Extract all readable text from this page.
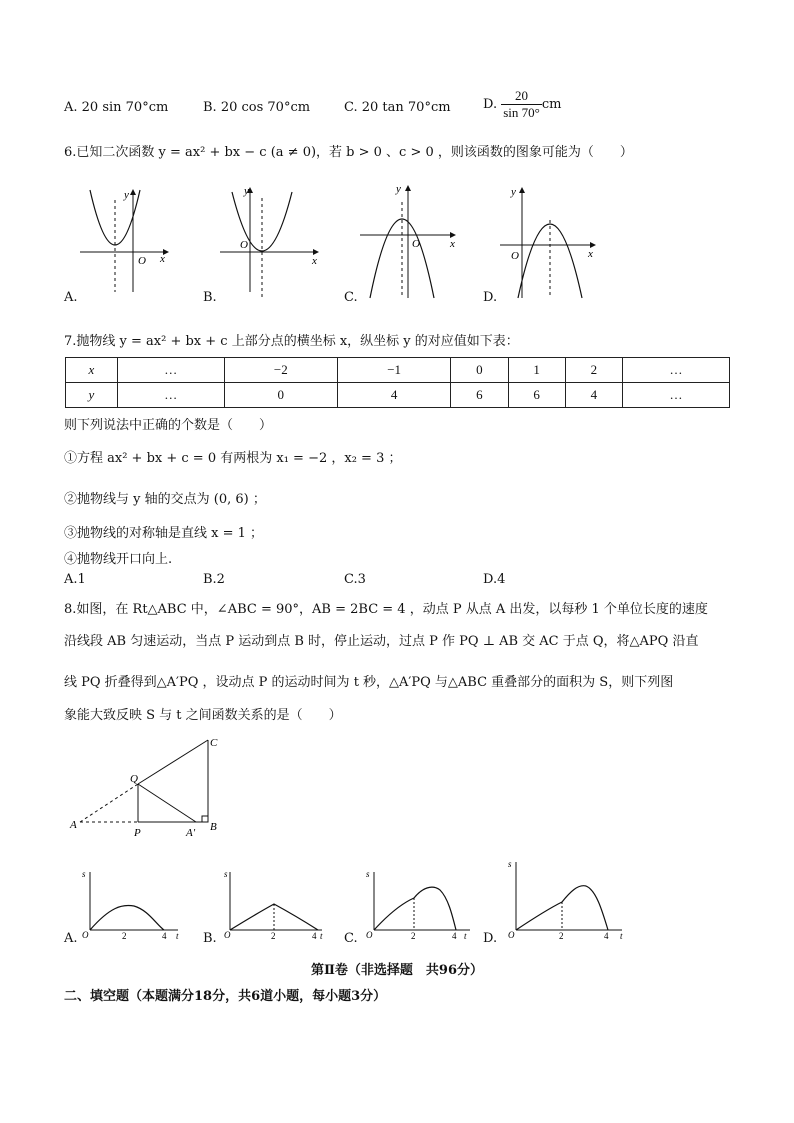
A. 20 sin 70°cm	B. 20 cos 70°cm	C. 20 tan 70°cm D. $\frac{20}{\sin 70^\circ}$ cm
6.已知二次函数 y = ax² + bx − c (a ≠ 0)，若 b > 0 、c > 0 ，则该函数的图象可能为（　　）
x
y
O	x
y
O	x
y
O
x
y
O
A.	B.	C.	D.
7.抛物线 y = ax² + bx + c 上部分点的横坐标 x，纵坐标 y 的对应值如下表：
x	…	−2	−1	0	1	2	…
y	…	0	4	6	6	4	…
则下列说法中正确的个数是（　　）
①方程 ax² + bx + c = 0 有两根为 x₁ = −2 ，x₂ = 3 ；
②抛物线与 y 轴的交点为 (0, 6) ；
③抛物线的对称轴是直线 x = 1 ；
④抛物线开口向上.
A.1	B.2	C.3	D.4
8.如图，在 Rt△ABC 中，∠ABC = 90°，AB = 2BC = 4 ，动点 P 从点 A 出发，以每秒 1 个单位长度的速度
沿线段 AB 匀速运动，当点 P 运动到点 B 时，停止运动，过点 P 作 PQ ⊥ AB 交 AC 于点 Q，将△APQ 沿直
线 PQ 折叠得到△A′PQ ，设动点 P 的运动时间为 t 秒，△A′PQ 与△ABC 重叠部分的面积为 S，则下列图
象能大致反映 S 与 t 之间函数关系的是（　　）
A
P	A′ B
Q
C
s
O	2	4 t
s
O	2	4 t
s
O	2	4 t
s
O	2	4 t
A.	B.	C.	D.
第Ⅱ卷（非选择题　共96分）
二、填空题（本题满分18分，共6道小题，每小题3分）
